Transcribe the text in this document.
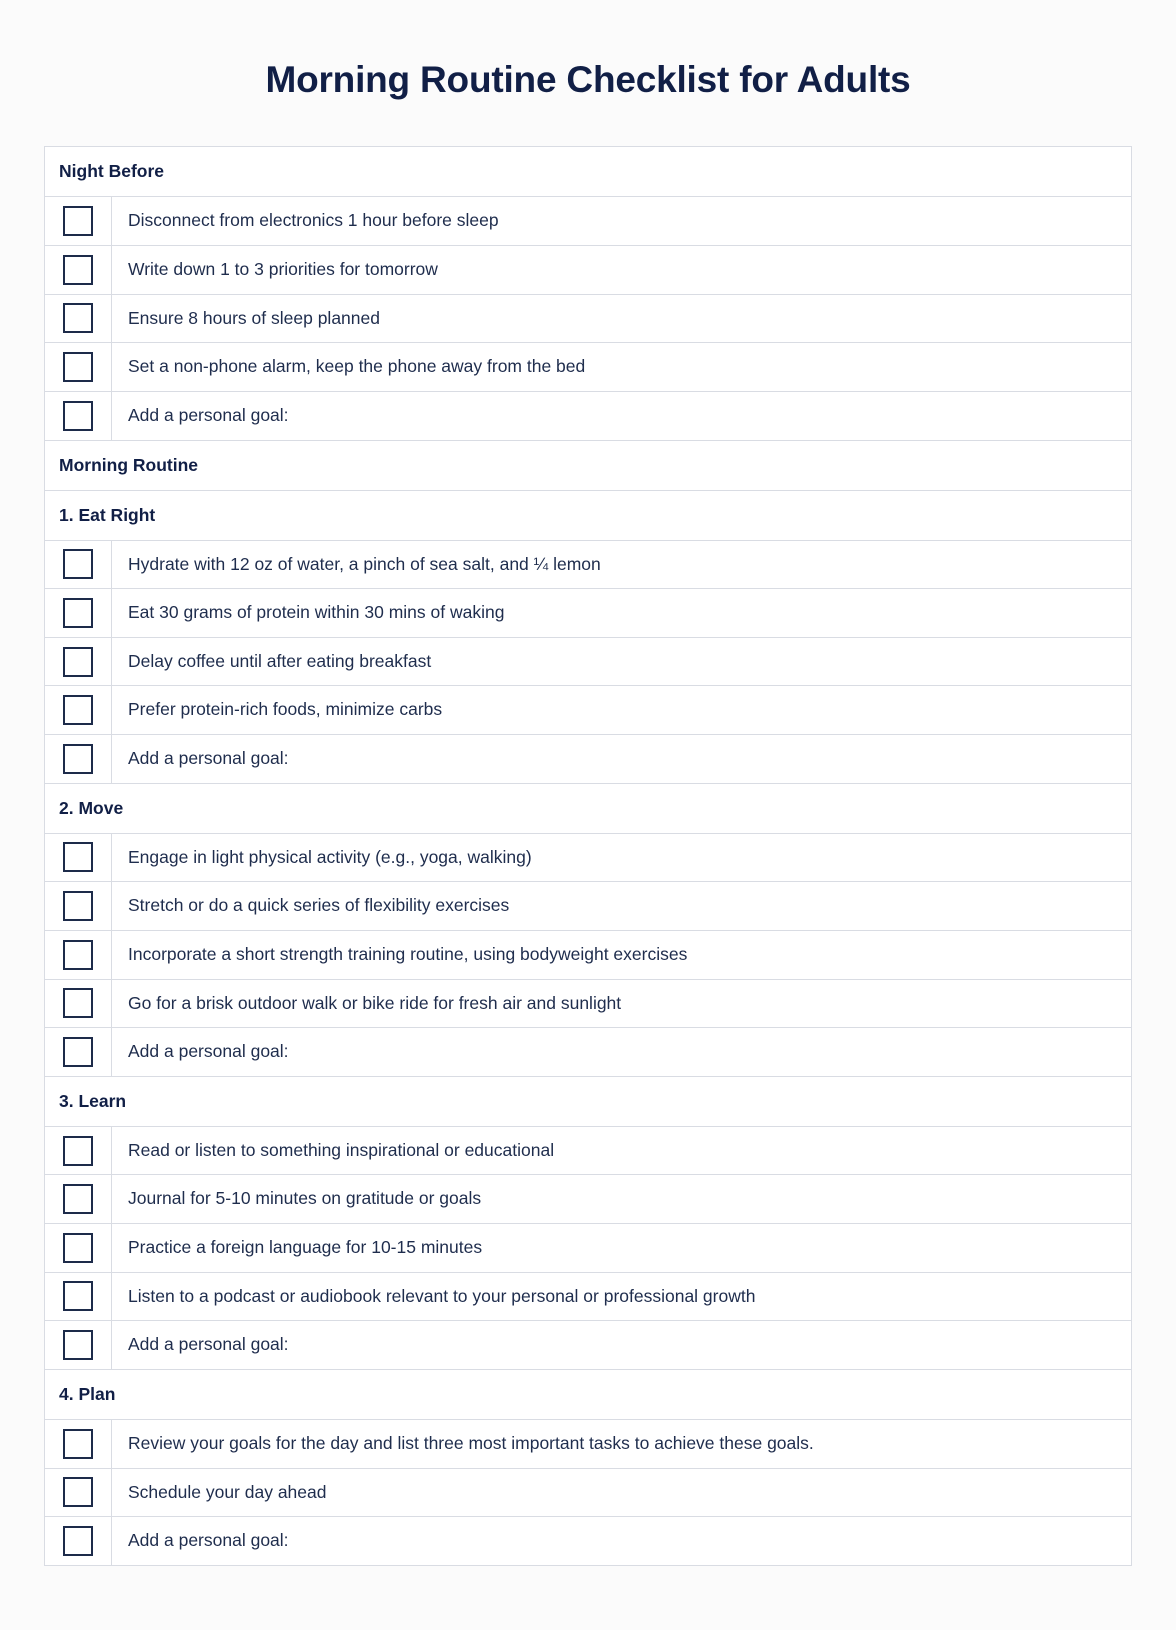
Morning Routine Checklist for Adults
Night Before
Disconnect from electronics 1 hour before sleep
Write down 1 to 3 priorities for tomorrow
Ensure 8 hours of sleep planned
Set a non-phone alarm, keep the phone away from the bed
Add a personal goal:
Morning Routine
1. Eat Right
Hydrate with 12 oz of water, a pinch of sea salt, and ¼ lemon
Eat 30 grams of protein within 30 mins of waking
Delay coffee until after eating breakfast
Prefer protein-rich foods, minimize carbs
Add a personal goal:
2. Move
Engage in light physical activity (e.g., yoga, walking)
Stretch or do a quick series of flexibility exercises
Incorporate a short strength training routine, using bodyweight exercises
Go for a brisk outdoor walk or bike ride for fresh air and sunlight
Add a personal goal:
3. Learn
Read or listen to something inspirational or educational
Journal for 5-10 minutes on gratitude or goals
Practice a foreign language for 10-15 minutes
Listen to a podcast or audiobook relevant to your personal or professional growth
Add a personal goal:
4. Plan
Review your goals for the day and list three most important tasks to achieve these goals.
Schedule your day ahead
Add a personal goal:
